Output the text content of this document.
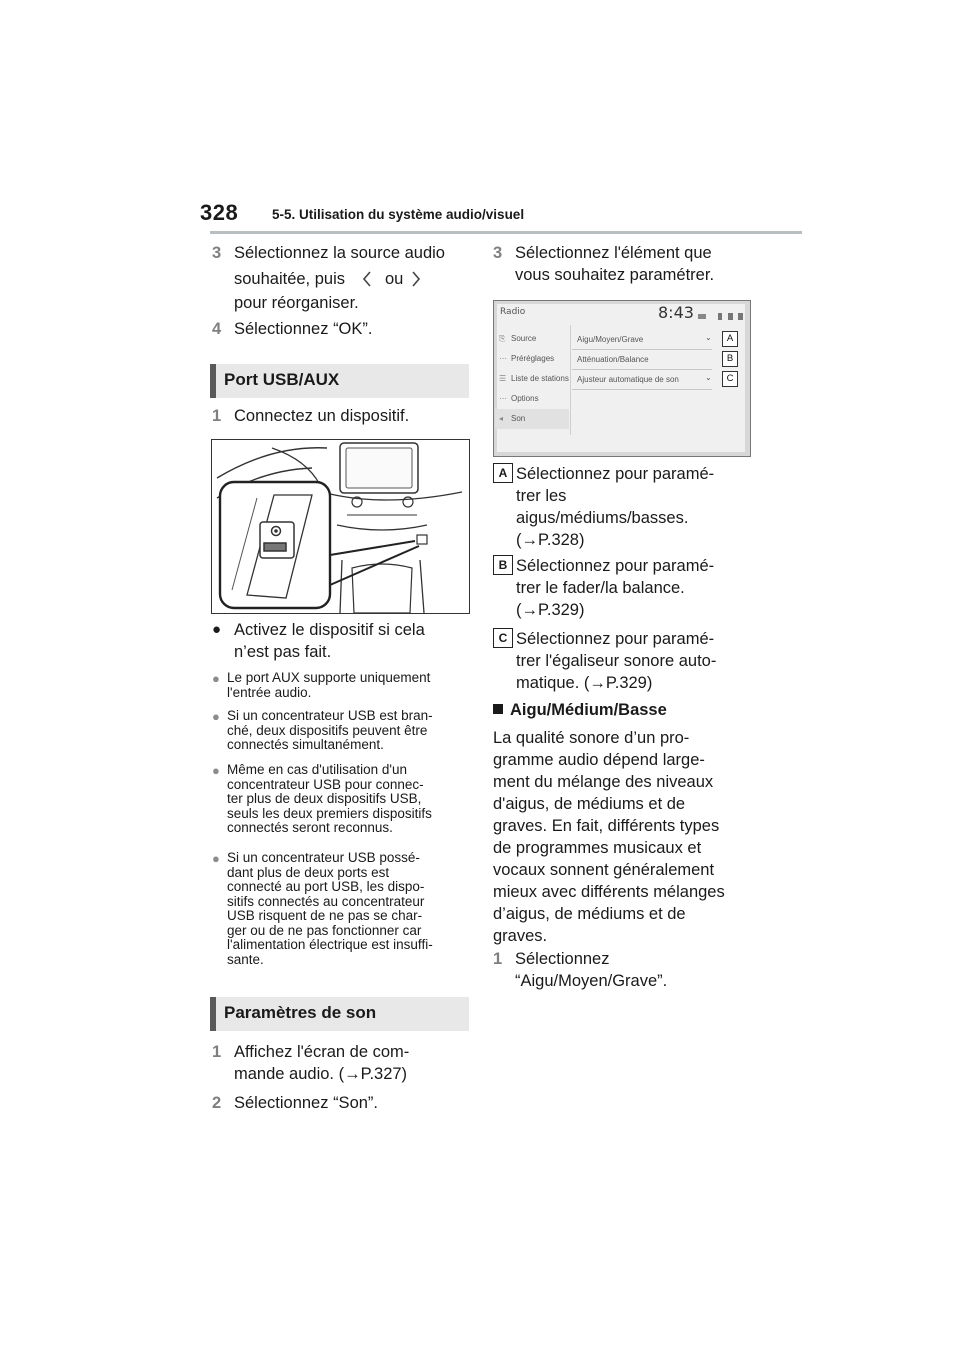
328	5-5. Utilisation du système audio/visuel
3 Sélectionnez la source audio
souhaitée, puis ou
pour réorganiser.
4 Sélectionnez “OK”.
Port USB/AUX
1 Connectez un dispositif.
● Activez le dispositif si cela
n’est pas fait.
● Le port AUX supporte uniquement
l'entrée audio.
● Si un concentrateur USB est bran-
ché, deux dispositifs peuvent être
connectés simultanément.
● Même en cas d'utilisation d'un
concentrateur USB pour connec-
ter plus de deux dispositifs USB,
seuls les deux premiers dispositifs
connectés seront reconnus.
● Si un concentrateur USB possé-
dant plus de deux ports est
connecté au port USB, les dispo-
sitifs connectés au concentrateur
USB risquent de ne pas se char-
ger ou de ne pas fonctionner car
l'alimentation électrique est insuffi-
sante.
Paramètres de son
1 Affichez l'écran de com-
mande audio. (→P.327)
2 Sélectionnez “Son”.
3 Sélectionnez l'élément que
vous souhaitez paramétrer.
Radio	8:43
⎘ Source
⋯ Préréglages
☰ Liste de stations
⋯ Options
◂ Son
Aigu/Moyen/Grave	⌄
Atténuation/Balance
Ajusteur automatique de son	⌄
A
B
C
A Sélectionnez pour paramé-
trer les
aigus/médiums/basses.
(→P.328)
B Sélectionnez pour paramé-
trer le fader/la balance.
(→P.329)
C Sélectionnez pour paramé-
trer l'égaliseur sonore auto-
matique. (→P.329)
Aigu/Médium/Basse
La qualité sonore d’un pro-
gramme audio dépend large-
ment du mélange des niveaux
d'aigus, de médiums et de
graves. En fait, différents types
de programmes musicaux et
vocaux sonnent généralement
mieux avec différents mélanges
d’aigus, de médiums et de
graves.
1 Sélectionnez
“Aigu/Moyen/Grave”.
